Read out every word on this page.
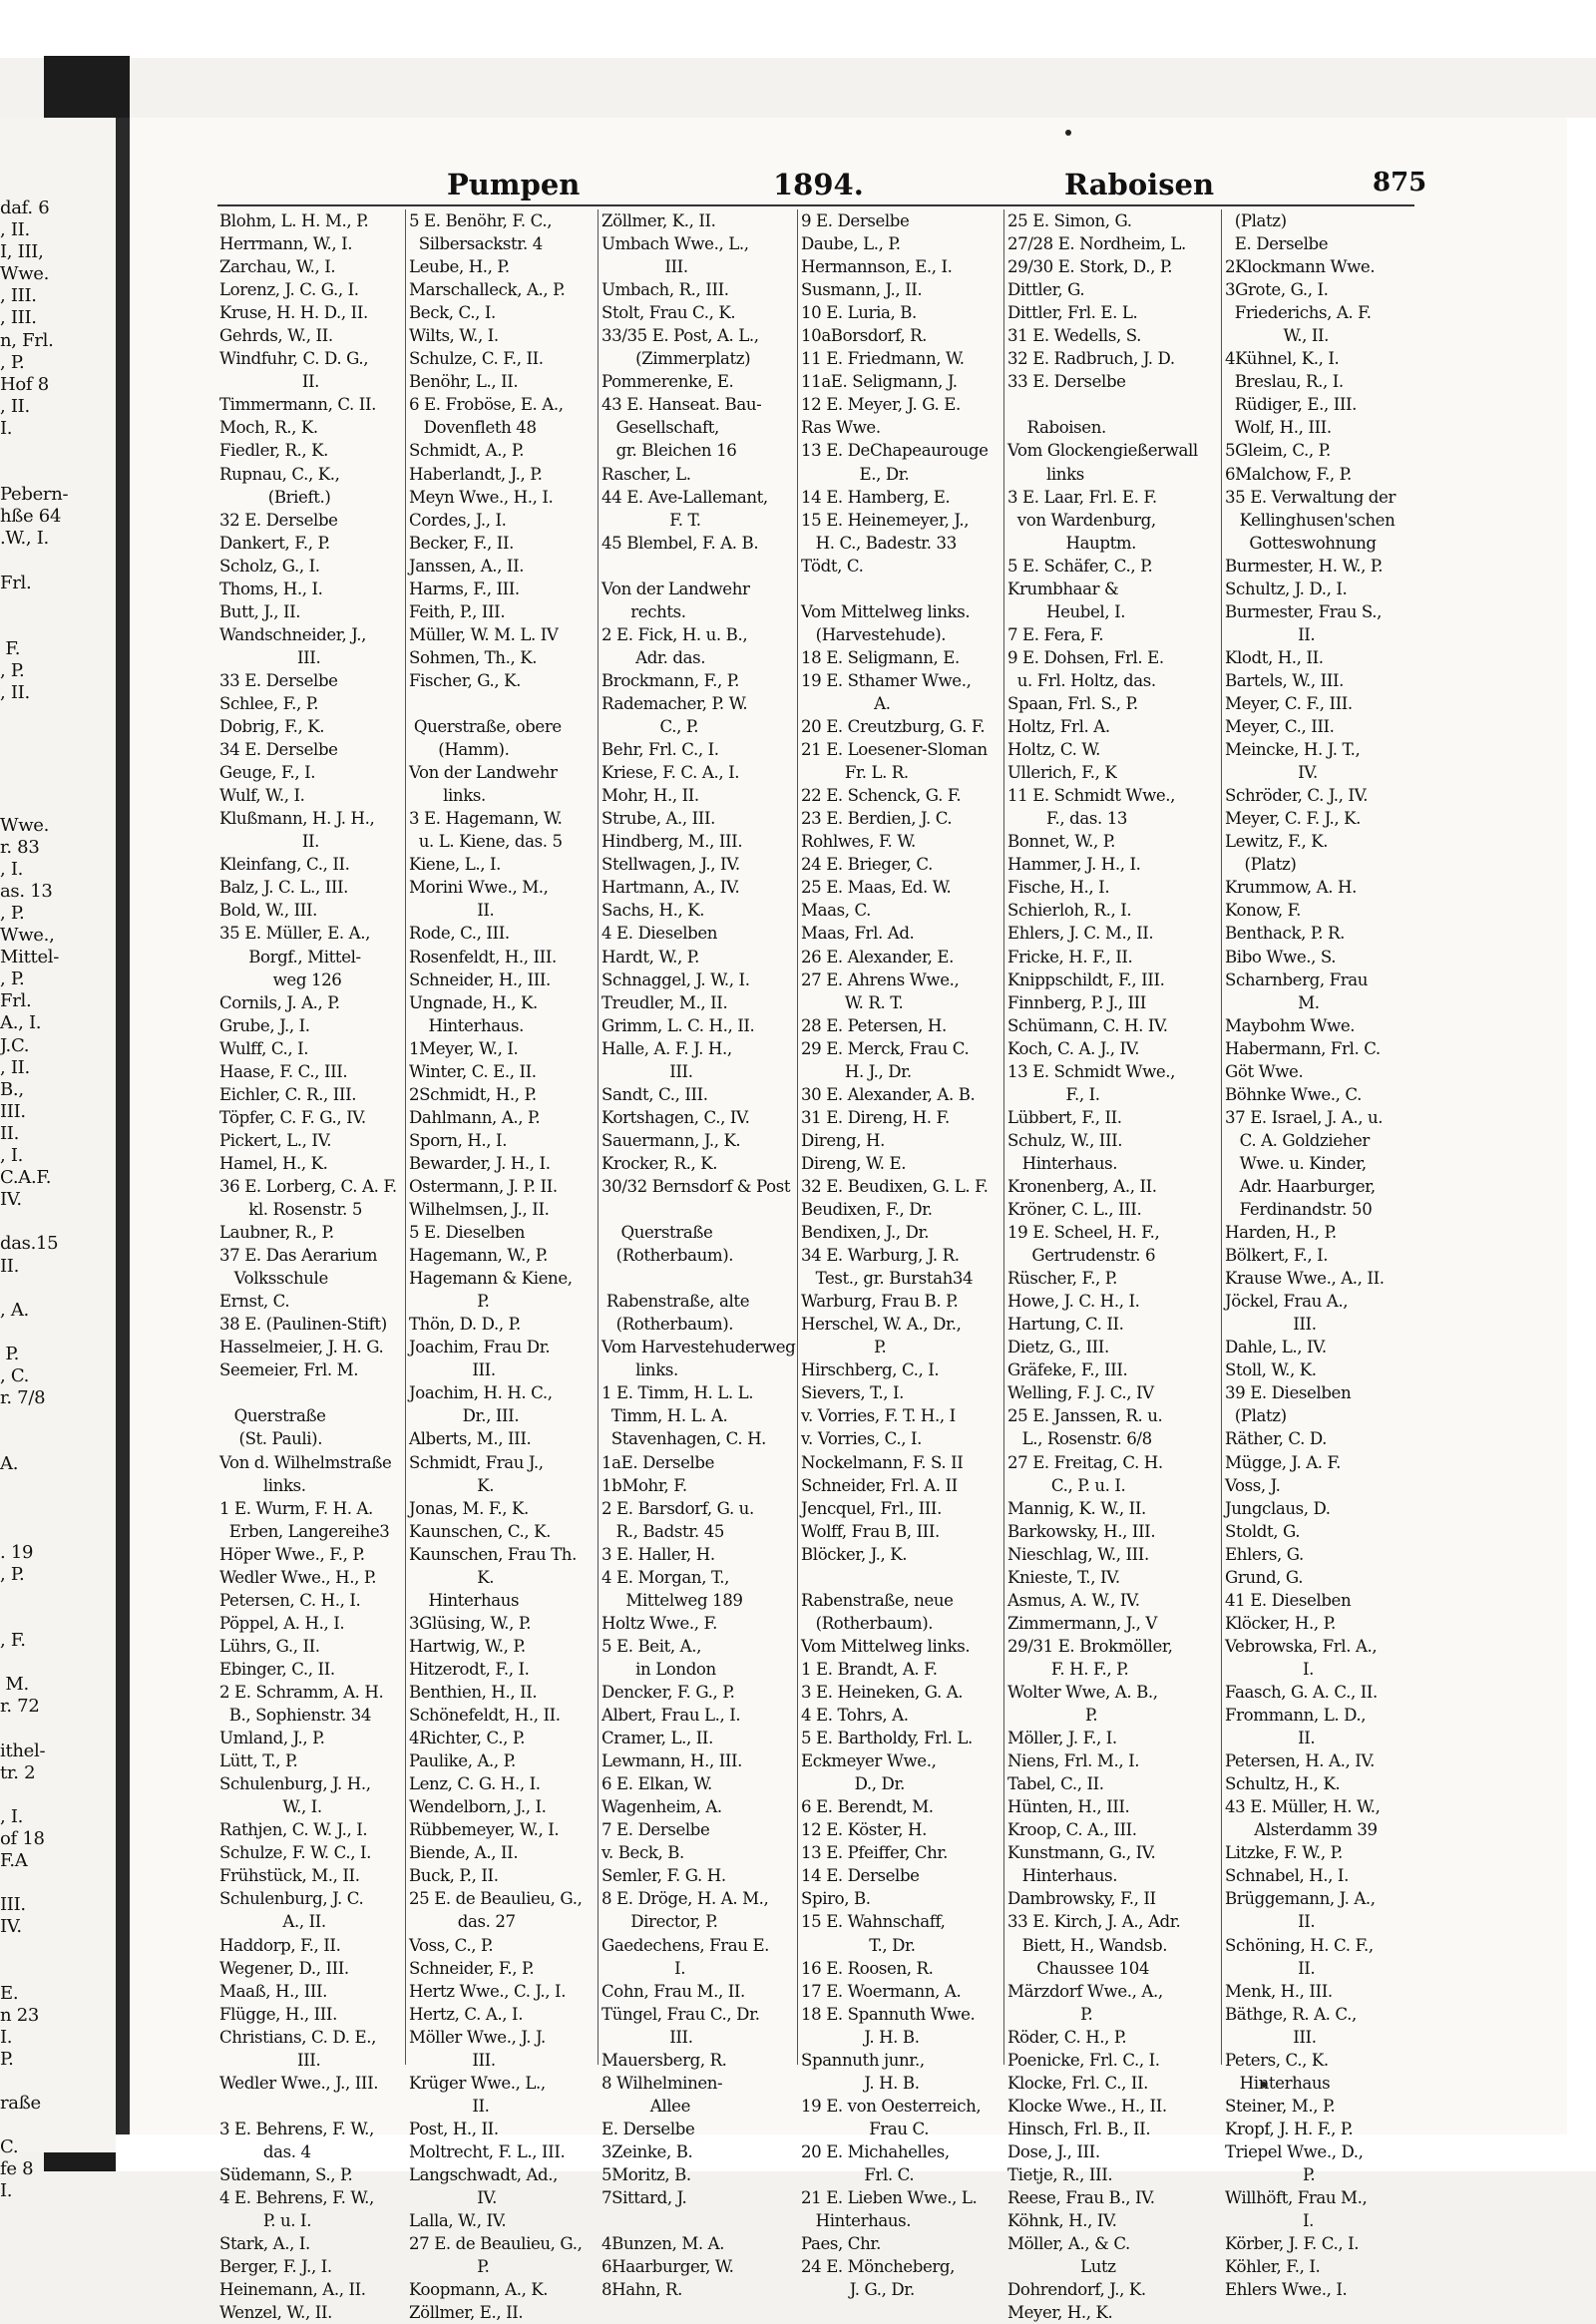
daf. 6
, II.
I, III,
Wwe.
, III.
, III.
n, Frl.
, P.
Hof 8
, II.
I.

Pebern-
hße 64
.W., I.

Frl.

F.
, P.
, II.

Wwe.
r. 83
, I.
as. 13
, P.
Wwe.,
Mittel-
, P.
Frl.
A., I.
J.C.
, II.
B.,
III.
II.
, I.
C.A.F.
IV.

das.15
II.

, A.

P.
, C.
r. 7/8

A.

. 19
, P.

, F.

M.
r. 72

ithel-
tr. 2

, I.
of 18
F.A

III.
IV.

E.
n 23
I.
P.

raße

C.
fe 8
I.

Pumpen	1894.	Raboisen	875
Blohm, L. H. M., P.
Herrmann, W., I.
Zarchau, W., I.
Lorenz, J. C. G., I.
Kruse, H. H. D., II.
Gehrds, W., II.
Windfuhr, C. D. G.,
II.
Timmermann, C. II.
Moch, R., K.
Fiedler, R., K.
Rupnau, C., K.,
(Brieft.)
32 E. Derselbe
Dankert, F., P.
Scholz, G., I.
Thoms, H., I.
Butt, J., II.
Wandschneider, J.,
III.
33 E. Derselbe
Schlee, F., P.
Dobrig, F., K.
34 E. Derselbe
Geuge, F., I.
Wulf, W., I.
Klußmann, H. J. H.,
II.
Kleinfang, C., II.
Balz, J. C. L., III.
Bold, W., III.
35 E. Müller, E. A.,
Borgf., Mittel-
weg 126
Cornils, J. A., P.
Grube, J., I.
Wulff, C., I.
Haase, F. C., III.
Eichler, C. R., III.
Töpfer, C. F. G., IV.
Pickert, L., IV.
Hamel, H., K.
36 E. Lorberg, C. A. F.
kl. Rosenstr. 5
Laubner, R., P.
37 E. Das Aerarium
Volksschule
Ernst, C.
38 E. (Paulinen-Stift)
Hasselmeier, J. H. G.
Seemeier, Frl. M.

Querstraße
(St. Pauli).
Von d. Wilhelmstraße
links.
1 E. Wurm, F. H. A.
Erben, Langereihe3
Höper Wwe., F., P.
Wedler Wwe., H., P.
Petersen, C. H., I.
Pöppel, A. H., I.
Lührs, G., II.
Ebinger, C., II.
2 E. Schramm, A. H.
B., Sophienstr. 34
Umland, J., P.
Lütt, T., P.
Schulenburg, J. H.,
W., I.
Rathjen, C. W. J., I.
Schulze, F. W. C., I.
Frühstück, M., II.
Schulenburg, J. C.
A., II.
Haddorp, F., II.
Wegener, D., III.
Maaß, H., III.
Flügge, H., III.
Christians, C. D. E.,
III.
Wedler Wwe., J., III.

3 E. Behrens, F. W.,
das. 4
Südemann, S., P.
4 E. Behrens, F. W.,
P. u. I.
Stark, A., I.
Berger, F. J., I.
Heinemann, A., II.
Wenzel, W., II.
5 E. Benöhr, F. C.,
Silbersackstr. 4
Leube, H., P.
Marschalleck, A., P.
Beck, C., I.
Wilts, W., I.
Schulze, C. F., II.
Benöhr, L., II.
6 E. Froböse, E. A.,
Dovenfleth 48
Schmidt, A., P.
Haberlandt, J., P.
Meyn Wwe., H., I.
Cordes, J., I.
Becker, F., II.
Janssen, A., II.
Harms, F., III.
Feith, P., III.
Müller, W. M. L. IV
Sohmen, Th., K.
Fischer, G., K.

Querstraße, obere
(Hamm).
Von der Landwehr
links.
3 E. Hagemann, W.
u. L. Kiene, das. 5
Kiene, L., I.
Morini Wwe., M.,
II.
Rode, C., III.
Rosenfeldt, H., III.
Schneider, H., III.
Ungnade, H., K.
Hinterhaus.
1Meyer, W., I.
Winter, C. E., II.
2Schmidt, H., P.
Dahlmann, A., P.
Sporn, H., I.
Bewarder, J. H., I.
Ostermann, J. P. II.
Wilhelmsen, J., II.
5 E. Dieselben
Hagemann, W., P.
Hagemann & Kiene,
P.
Thön, D. D., P.
Joachim, Frau Dr.
III.
Joachim, H. H. C.,
Dr., III.
Alberts, M., III.
Schmidt, Frau J.,
K.
Jonas, M. F., K.
Kaunschen, C., K.
Kaunschen, Frau Th.
K.
Hinterhaus
3Glüsing, W., P.
Hartwig, W., P.
Hitzerodt, F., I.
Benthien, H., II.
Schönefeldt, H., II.
4Richter, C., P.
Paulike, A., P.
Lenz, C. G. H., I.
Wendelborn, J., I.
Rübbemeyer, W., I.
Biende, A., II.
Buck, P., II.
25 E. de Beaulieu, G.,
das. 27
Voss, C., P.
Schneider, F., P.
Hertz Wwe., C. J., I.
Hertz, C. A., I.
Möller Wwe., J. J.
III.
Krüger Wwe., L.,
II.
Post, H., II.
Moltrecht, F. L., III.
Langschwadt, Ad.,
IV.
Lalla, W., IV.
27 E. de Beaulieu, G.,
P.
Koopmann, A., K.
Zöllmer, E., II.
Zöllmer, K., II.
Umbach Wwe., L.,
III.
Umbach, R., III.
Stolt, Frau C., K.
33/35 E. Post, A. L.,
(Zimmerplatz)
Pommerenke, E.
43 E. Hanseat. Bau-
Gesellschaft,
gr. Bleichen 16
Rascher, L.
44 E. Ave-Lallemant,
F. T.
45 Blembel, F. A. B.

Von der Landwehr
rechts.
2 E. Fick, H. u. B.,
Adr. das.
Brockmann, F., P.
Rademacher, P. W.
C., P.
Behr, Frl. C., I.
Kriese, F. C. A., I.
Mohr, H., II.
Strube, A., III.
Hindberg, M., III.
Stellwagen, J., IV.
Hartmann, A., IV.
Sachs, H., K.
4 E. Dieselben
Hardt, W., P.
Schnaggel, J. W., I.
Treudler, M., II.
Grimm, L. C. H., II.
Halle, A. F. J. H.,
III.
Sandt, C., III.
Kortshagen, C., IV.
Sauermann, J., K.
Krocker, R., K.
30/32 Bernsdorf & Post

Querstraße
(Rotherbaum).

Rabenstraße, alte
(Rotherbaum).
Vom Harvestehuderweg
links.
1 E. Timm, H. L. L.
Timm, H. L. A.
Stavenhagen, C. H.
1aE. Derselbe
1bMohr, F.
2 E. Barsdorf, G. u.
R., Badstr. 45
3 E. Haller, H.
4 E. Morgan, T.,
Mittelweg 189
Holtz Wwe., F.
5 E. Beit, A.,
in London
Dencker, F. G., P.
Albert, Frau L., I.
Cramer, L., II.
Lewmann, H., III.
6 E. Elkan, W.
Wagenheim, A.
7 E. Derselbe
v. Beck, B.
Semler, F. G. H.
8 E. Dröge, H. A. M.,
Director, P.
Gaedechens, Frau E.
I.
Cohn, Frau M., II.
Tüngel, Frau C., Dr.
III.
Mauersberg, R.
8 Wilhelminen-
Allee
E. Derselbe
3Zeinke, B.
5Moritz, B.
7Sittard, J.

4Bunzen, M. A.
6Haarburger, W.
8Hahn, R.
9 E. Derselbe
Daube, L., P.
Hermannson, E., I.
Susmann, J., II.
10 E. Luria, B.
10aBorsdorf, R.
11 E. Friedmann, W.
11aE. Seligmann, J.
12 E. Meyer, J. G. E.
Ras Wwe.
13 E. DeChapeaurouge
E., Dr.
14 E. Hamberg, E.
15 E. Heinemeyer, J.,
H. C., Badestr. 33
Tödt, C.

Vom Mittelweg links.
(Harvestehude).
18 E. Seligmann, E.
19 E. Sthamer Wwe.,
A.
20 E. Creutzburg, G. F.
21 E. Loesener-Sloman
Fr. L. R.
22 E. Schenck, G. F.
23 E. Berdien, J. C.
Rohlwes, F. W.
24 E. Brieger, C.
25 E. Maas, Ed. W.
Maas, C.
Maas, Frl. Ad.
26 E. Alexander, E.
27 E. Ahrens Wwe.,
W. R. T.
28 E. Petersen, H.
29 E. Merck, Frau C.
H. J., Dr.
30 E. Alexander, A. B.
31 E. Direng, H. F.
Direng, H.
Direng, W. E.
32 E. Beudixen, G. L. F.
Beudixen, F., Dr.
Bendixen, J., Dr.
34 E. Warburg, J. R.
Test., gr. Burstah34
Warburg, Frau B. P.
Herschel, W. A., Dr.,
P.
Hirschberg, C., I.
Sievers, T., I.
v. Vorries, F. T. H., I
v. Vorries, C., I.
Nockelmann, F. S. II
Schneider, Frl. A. II
Jencquel, Frl., III.
Wolff, Frau B, III.
Blöcker, J., K.

Rabenstraße, neue
(Rotherbaum).
Vom Mittelweg links.
1 E. Brandt, A. F.
3 E. Heineken, G. A.
4 E. Tohrs, A.
5 E. Bartholdy, Frl. L.
Eckmeyer Wwe.,
D., Dr.
6 E. Berendt, M.
12 E. Köster, H.
13 E. Pfeiffer, Chr.
14 E. Derselbe
Spiro, B.
15 E. Wahnschaff,
T., Dr.
16 E. Roosen, R.
17 E. Woermann, A.
18 E. Spannuth Wwe.
J. H. B.
Spannuth junr.,
J. H. B.
19 E. von Oesterreich,
Frau C.
20 E. Michahelles,
Frl. C.
21 E. Lieben Wwe., L.
Hinterhaus.
Paes, Chr.
24 E. Möncheberg,
J. G., Dr.
25 E. Simon, G.
27/28 E. Nordheim, L.
29/30 E. Stork, D., P.
Dittler, G.
Dittler, Frl. E. L.
31 E. Wedells, S.
32 E. Radbruch, J. D.
33 E. Derselbe

Raboisen.
Vom Glockengießerwall
links
3 E. Laar, Frl. E. F.
von Wardenburg,
Hauptm.
5 E. Schäfer, C., P.
Krumbhaar &
Heubel, I.
7 E. Fera, F.
9 E. Dohsen, Frl. E.
u. Frl. Holtz, das.
Spaan, Frl. S., P.
Holtz, Frl. A.
Holtz, C. W.
Ullerich, F., K
11 E. Schmidt Wwe.,
F., das. 13
Bonnet, W., P.
Hammer, J. H., I.
Fische, H., I.
Schierloh, R., I.
Ehlers, J. C. M., II.
Fricke, H. F., II.
Knippschildt, F., III.
Finnberg, P. J., III
Schümann, C. H. IV.
Koch, C. A. J., IV.
13 E. Schmidt Wwe.,
F., I.
Lübbert, F., II.
Schulz, W., III.
Hinterhaus.
Kronenberg, A., II.
Kröner, C. L., III.
19 E. Scheel, H. F.,
Gertrudenstr. 6
Rüscher, F., P.
Howe, J. C. H., I.
Hartung, C. II.
Dietz, G., III.
Gräfeke, F., III.
Welling, F. J. C., IV
25 E. Janssen, R. u.
L., Rosenstr. 6/8
27 E. Freitag, C. H.
C., P. u. I.
Mannig, K. W., II.
Barkowsky, H., III.
Nieschlag, W., III.
Knieste, T., IV.
Asmus, A. W., IV.
Zimmermann, J., V
29/31 E. Brokmöller,
F. H. F., P.
Wolter Wwe, A. B.,
P.
Möller, J. F., I.
Niens, Frl. M., I.
Tabel, C., II.
Hünten, H., III.
Kroop, C. A., III.
Kunstmann, G., IV.
Hinterhaus.
Dambrowsky, F., II
33 E. Kirch, J. A., Adr.
Biett, H., Wandsb.
Chaussee 104
Märzdorf Wwe., A.,
P.
Röder, C. H., P.
Poenicke, Frl. C., I.
Klocke, Frl. C., II.
Klocke Wwe., H., II.
Hinsch, Frl. B., II.
Dose, J., III.
Tietje, R., III.
Reese, Frau B., IV.
Köhnk, H., IV.
Möller, A., & C.
Lutz
Dohrendorf, J., K.
Meyer, H., K.
(Platz)
E. Derselbe
2Klockmann Wwe.
3Grote, G., I.
Friederichs, A. F.
W., II.
4Kühnel, K., I.
Breslau, R., I.
Rüdiger, E., III.
Wolf, H., III.
5Gleim, C., P.
6Malchow, F., P.
35 E. Verwaltung der
Kellinghusen'schen
Gotteswohnung
Burmester, H. W., P.
Schultz, J. D., I.
Burmester, Frau S.,
II.
Klodt, H., II.
Bartels, W., III.
Meyer, C. F., III.
Meyer, C., III.
Meincke, H. J. T.,
IV.
Schröder, C. J., IV.
Meyer, C. F. J., K.
Lewitz, F., K.
(Platz)
Krummow, A. H.
Konow, F.
Benthack, P. R.
Bibo Wwe., S.
Scharnberg, Frau
M.
Maybohm Wwe.
Habermann, Frl. C.
Göt Wwe.
Böhnke Wwe., C.
37 E. Israel, J. A., u.
C. A. Goldzieher
Wwe. u. Kinder,
Adr. Haarburger,
Ferdinandstr. 50
Harden, H., P.
Bölkert, F., I.
Krause Wwe., A., II.
Jöckel, Frau A.,
III.
Dahle, L., IV.
Stoll, W., K.
39 E. Dieselben
(Platz)
Räther, C. D.
Mügge, J. A. F.
Voss, J.
Jungclaus, D.
Stoldt, G.
Ehlers, G.
Grund, G.
41 E. Dieselben
Klöcker, H., P.
Vebrowska, Frl. A.,
I.
Faasch, G. A. C., II.
Frommann, L. D.,
II.
Petersen, H. A., IV.
Schultz, H., K.
43 E. Müller, H. W.,
Alsterdamm 39
Litzke, F. W., P.
Schnabel, H., I.
Brüggemann, J. A.,
II.
Schöning, H. C. F.,
II.
Menk, H., III.
Bäthge, R. A. C.,
III.
Peters, C., K.
Hinterhaus
Steiner, M., P.
Kropf, J. H. F., P.
Triepel Wwe., D.,
P.
Willhöft, Frau M.,
I.
Körber, J. F. C., I.
Köhler, F., I.
Ehlers Wwe., I.
